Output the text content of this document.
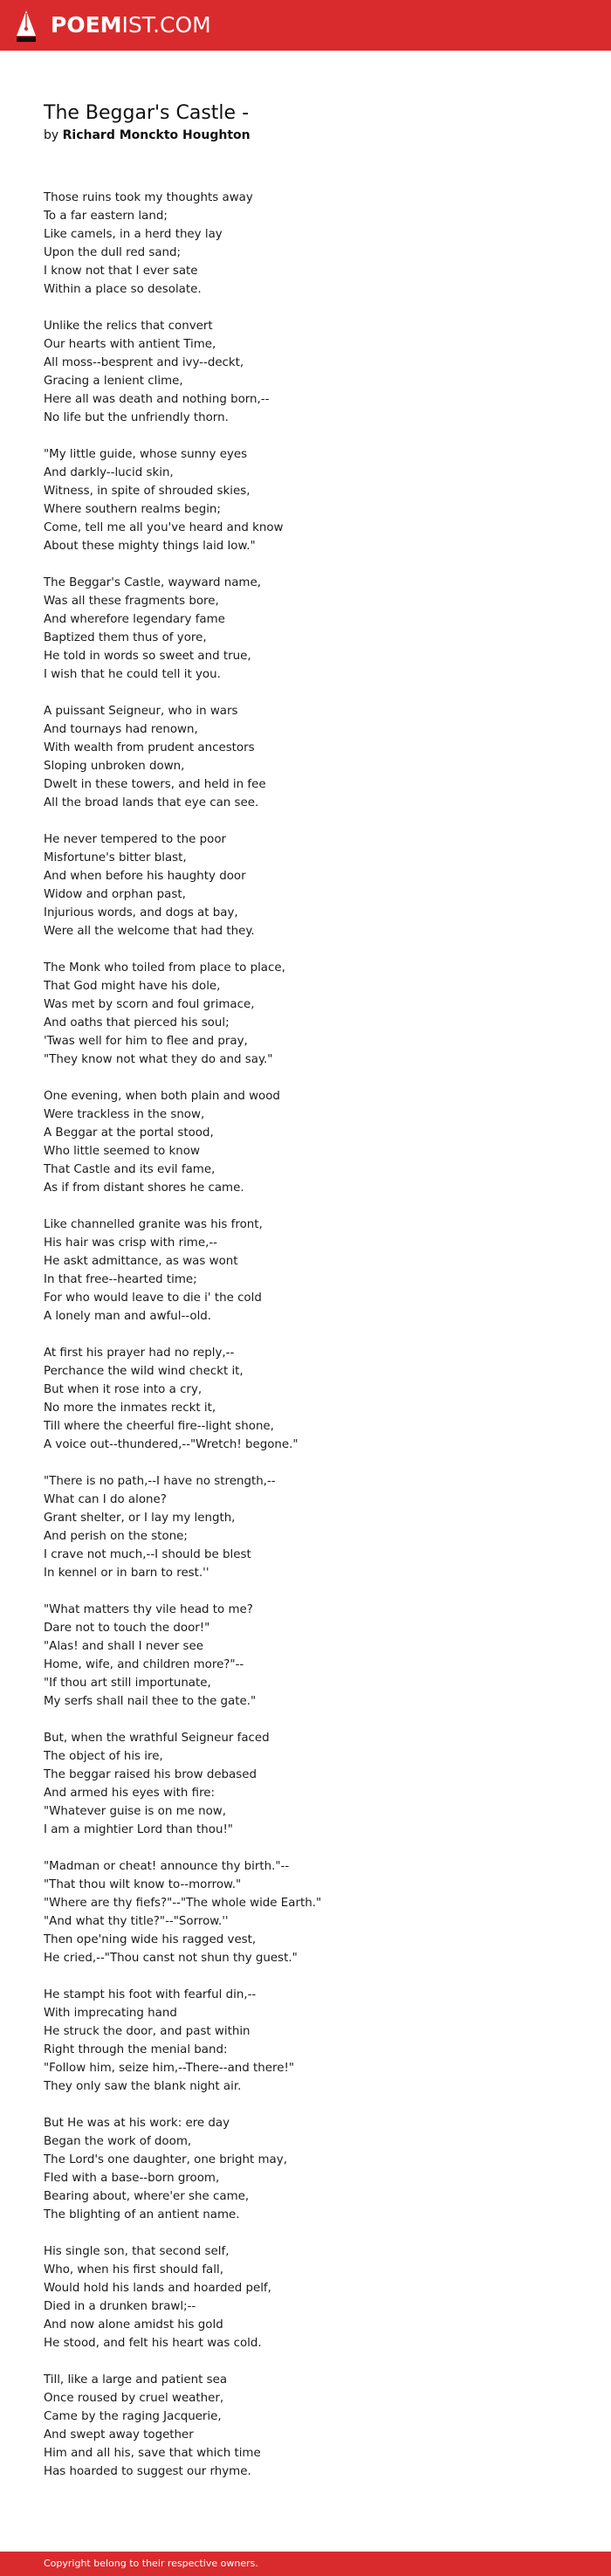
POEMIST.COM
The Beggar's Castle -
by Richard Monckto Houghton
Those ruins took my thoughts away
To a far eastern land;
Like camels, in a herd they lay
Upon the dull red sand;
I know not that I ever sate
Within a place so desolate.
Unlike the relics that convert
Our hearts with antient Time,
All moss--besprent and ivy--deckt,
Gracing a lenient clime,
Here all was death and nothing born,--
No life but the unfriendly thorn.
"My little guide, whose sunny eyes
And darkly--lucid skin,
Witness, in spite of shrouded skies,
Where southern realms begin;
Come, tell me all you've heard and know
About these mighty things laid low."
The Beggar's Castle, wayward name,
Was all these fragments bore,
And wherefore legendary fame
Baptized them thus of yore,
He told in words so sweet and true,
I wish that he could tell it you.
A puissant Seigneur, who in wars
And tournays had renown,
With wealth from prudent ancestors
Sloping unbroken down,
Dwelt in these towers, and held in fee
All the broad lands that eye can see.
He never tempered to the poor
Misfortune's bitter blast,
And when before his haughty door
Widow and orphan past,
Injurious words, and dogs at bay,
Were all the welcome that had they.
The Monk who toiled from place to place,
That God might have his dole,
Was met by scorn and foul grimace,
And oaths that pierced his soul;
'Twas well for him to flee and pray,
"They know not what they do and say."
One evening, when both plain and wood
Were trackless in the snow,
A Beggar at the portal stood,
Who little seemed to know
That Castle and its evil fame,
As if from distant shores he came.
Like channelled granite was his front,
His hair was crisp with rime,--
He askt admittance, as was wont
In that free--hearted time;
For who would leave to die i' the cold
A lonely man and awful--old.
At first his prayer had no reply,--
Perchance the wild wind checkt it,
But when it rose into a cry,
No more the inmates reckt it,
Till where the cheerful fire--light shone,
A voice out--thundered,--"Wretch! begone."
"There is no path,--I have no strength,--
What can I do alone?
Grant shelter, or I lay my length,
And perish on the stone;
I crave not much,--I should be blest
In kennel or in barn to rest.''
"What matters thy vile head to me?
Dare not to touch the door!"
"Alas! and shall I never see
Home, wife, and children more?"--
"If thou art still importunate,
My serfs shall nail thee to the gate."
But, when the wrathful Seigneur faced
The object of his ire,
The beggar raised his brow debased
And armed his eyes with fire:
"Whatever guise is on me now,
I am a mightier Lord than thou!"
"Madman or cheat! announce thy birth."--
"That thou wilt know to--morrow."
"Where are thy fiefs?"--"The whole wide Earth."
"And what thy title?"--"Sorrow.''
Then ope'ning wide his ragged vest,
He cried,--"Thou canst not shun thy guest."
He stampt his foot with fearful din,--
With imprecating hand
He struck the door, and past within
Right through the menial band:
"Follow him, seize him,--There--and there!"
They only saw the blank night air.
But He was at his work: ere day
Began the work of doom,
The Lord's one daughter, one bright may,
Fled with a base--born groom,
Bearing about, where'er she came,
The blighting of an antient name.
His single son, that second self,
Who, when his first should fall,
Would hold his lands and hoarded pelf,
Died in a drunken brawl;--
And now alone amidst his gold
He stood, and felt his heart was cold.
Till, like a large and patient sea
Once roused by cruel weather,
Came by the raging Jacquerie,
And swept away together
Him and all his, save that which time
Has hoarded to suggest our rhyme.
Copyright belong to their respective owners.
